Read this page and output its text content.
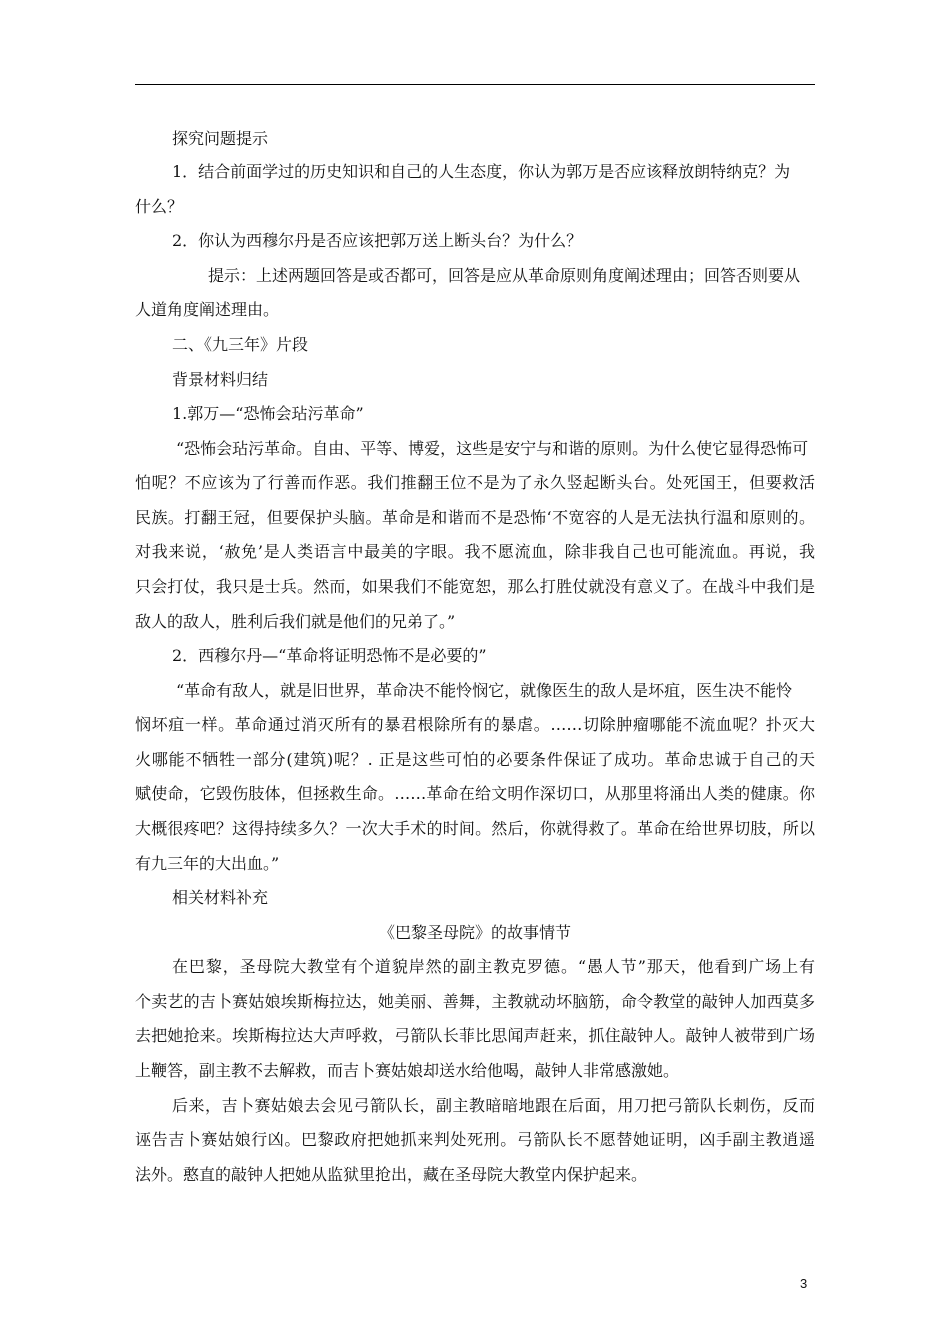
探究问题提示
1．结合前面学过的历史知识和自己的人生态度，你认为郭万是否应该释放朗特纳克？为
什么？
2．你认为西穆尔丹是否应该把郭万送上断头台？为什么？
提示：上述两题回答是或否都可，回答是应从革命原则角度阐述理由；回答否则要从
人道角度阐述理由。
二、《九三年》片段
背景材料归结
1.郭万—“恐怖会玷污革命”
“恐怖会玷污革命。自由、平等、博爱，这些是安宁与和谐的原则。为什么使它显得恐怖可
怕呢？不应该为了行善而作恶。我们推翻王位不是为了永久竖起断头台。处死国王，但要救活
民族。打翻王冠，但要保护头脑。革命是和谐而不是恐怖‘不宽容的人是无法执行温和原则的。
对我来说，‘赦免’是人类语言中最美的字眼。我不愿流血，除非我自己也可能流血。再说，我
只会打仗，我只是士兵。然而，如果我们不能宽恕，那么打胜仗就没有意义了。在战斗中我们是
敌人的敌人，胜利后我们就是他们的兄弟了。”
2．西穆尔丹—“革命将证明恐怖不是必要的”
“革命有敌人，就是旧世界，革命决不能怜悯它，就像医生的敌人是坏疽，医生决不能怜
悯坏疽一样。革命通过消灭所有的暴君根除所有的暴虐。……切除肿瘤哪能不流血呢？扑灭大
火哪能不牺牲一部分(建筑)呢？. 正是这些可怕的必要条件保证了成功。革命忠诚于自己的天
赋使命，它毁伤肢体，但拯救生命。……革命在给文明作深切口，从那里将涌出人类的健康。你
大概很疼吧？这得持续多久？一次大手术的时间。然后，你就得救了。革命在给世界切肢，所以
有九三年的大出血。”
相关材料补充
《巴黎圣母院》的故事情节
在巴黎，圣母院大教堂有个道貌岸然的副主教克罗德。“愚人节”那天，他看到广场上有
个卖艺的吉卜赛姑娘埃斯梅拉达，她美丽、善舞，主教就动坏脑筋，命令教堂的敲钟人加西莫多
去把她抢来。埃斯梅拉达大声呼救，弓箭队长菲比思闻声赶来，抓住敲钟人。敲钟人被带到广场
上鞭答，副主教不去解救，而吉卜赛姑娘却送水给他喝，敲钟人非常感激她。
后来，吉卜赛姑娘去会见弓箭队长，副主教暗暗地跟在后面，用刀把弓箭队长刺伤，反而
诬告吉卜赛姑娘行凶。巴黎政府把她抓来判处死刑。弓箭队长不愿替她证明，凶手副主教逍遥
法外。憨直的敲钟人把她从监狱里抢出，藏在圣母院大教堂内保护起来。
3
